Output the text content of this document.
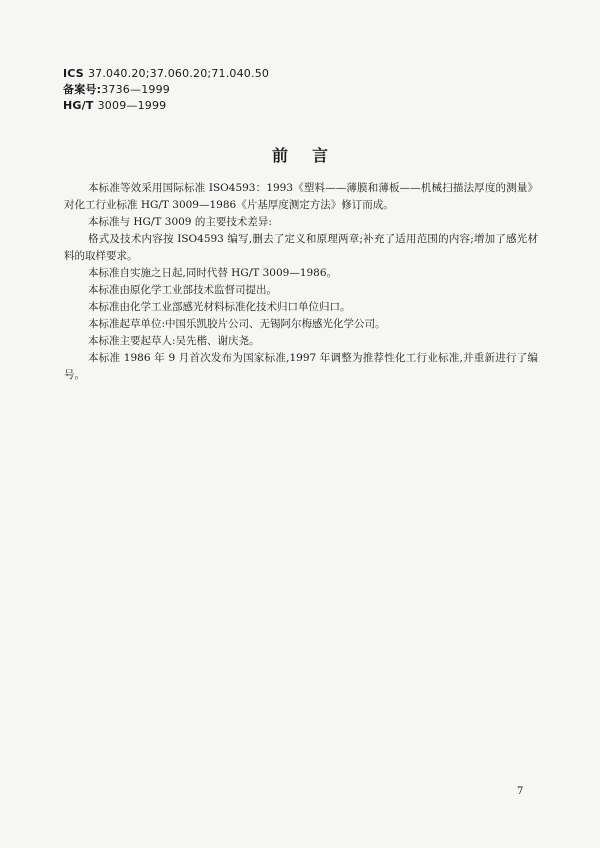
ICS 37.040.20;37.060.20;71.040.50
备案号:3736—1999
HG/T 3009—1999
前言

本标准等效采用国际标准 ISO4593：1993《塑料——薄膜和薄板——机械扫描法厚度的测量》对化工行业标准 HG/T 3009—1986《片基厚度测定方法》修订而成。

本标准与 HG/T 3009 的主要技术差异:

格式及技术内容按 ISO4593 编写,删去了定义和原理两章;补充了适用范围的内容;增加了感光材料的取样要求。

本标准自实施之日起,同时代替 HG/T 3009—1986。

本标准由原化学工业部技术监督司提出。

本标准由化学工业部感光材料标准化技术归口单位归口。

本标准起草单位:中国乐凯胶片公司、无锡阿尔梅感光化学公司。

本标准主要起草人:吴先楷、谢庆尧。

本标准 1986 年 9 月首次发布为国家标准,1997 年调整为推荐性化工行业标准,并重新进行了编号。

7
